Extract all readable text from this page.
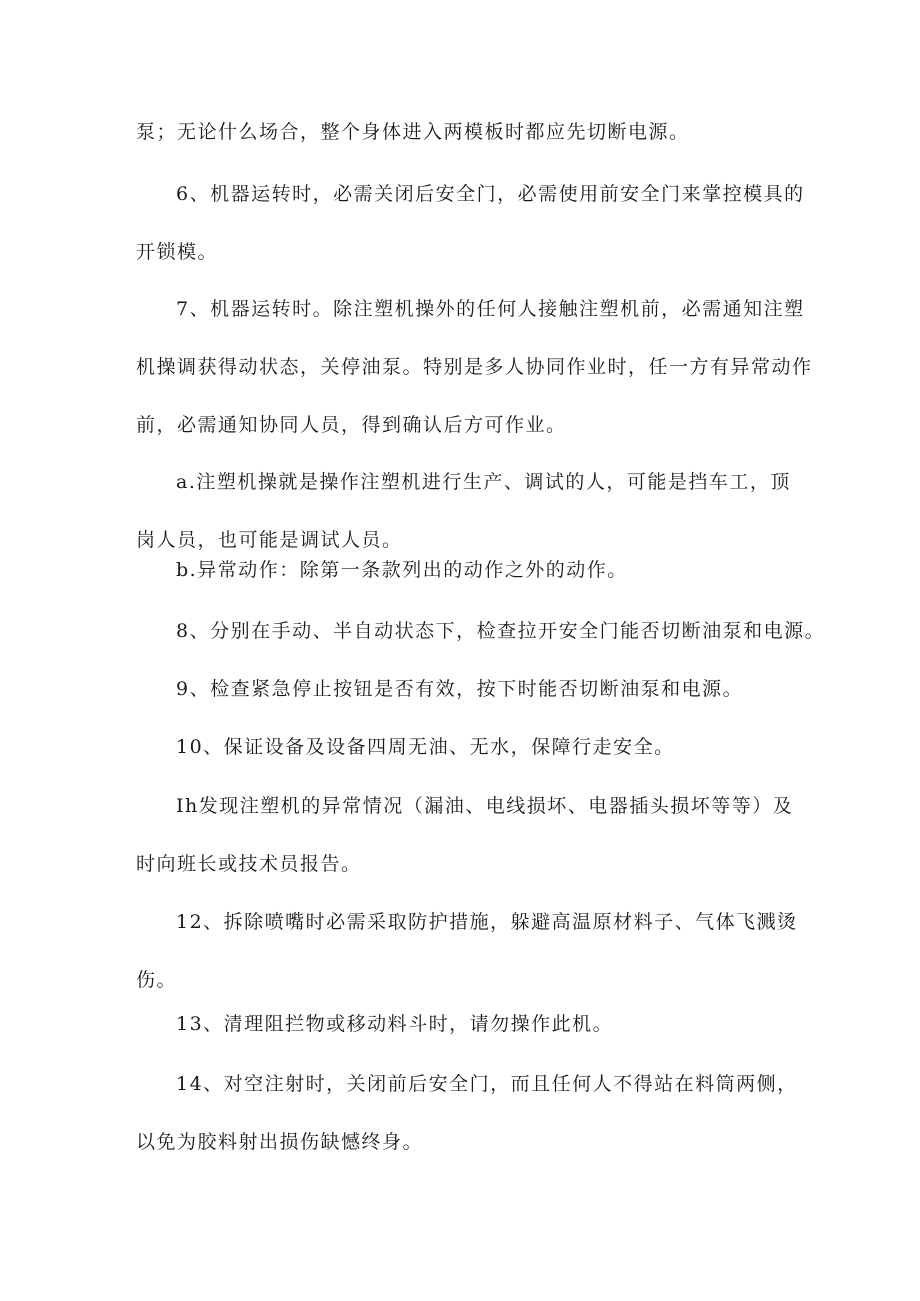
泵；无论什么场合，整个身体进入两模板时都应先切断电源。

6、机器运转时，必需关闭后安全门，必需使用前安全门来掌控模具的
开锁模。

7、机器运转时。除注塑机操外的任何人接触注塑机前，必需通知注塑
机操调获得动状态，关停油泵。特别是多人协同作业时，任一方有异常动作
前，必需通知协同人员，得到确认后方可作业。

a.注塑机操就是操作注塑机进行生产、调试的人，可能是挡车工，顶
岗人员，也可能是调试人员。

b.异常动作：除第一条款列出的动作之外的动作。

8、分别在手动、半自动状态下，检查拉开安全门能否切断油泵和电源。

9、检查紧急停止按钮是否有效，按下时能否切断油泵和电源。

10、保证设备及设备四周无油、无水，保障行走安全。

Ih发现注塑机的异常情况（漏油、电线损坏、电器插头损坏等等）及
时向班长或技术员报告。

12、拆除喷嘴时必需采取防护措施，躲避高温原材料子、气体飞溅烫
伤。

13、清理阻拦物或移动料斗时，请勿操作此机。

14、对空注射时，关闭前后安全门，而且任何人不得站在料筒两侧，
以免为胶料射出损伤缺憾终身。
